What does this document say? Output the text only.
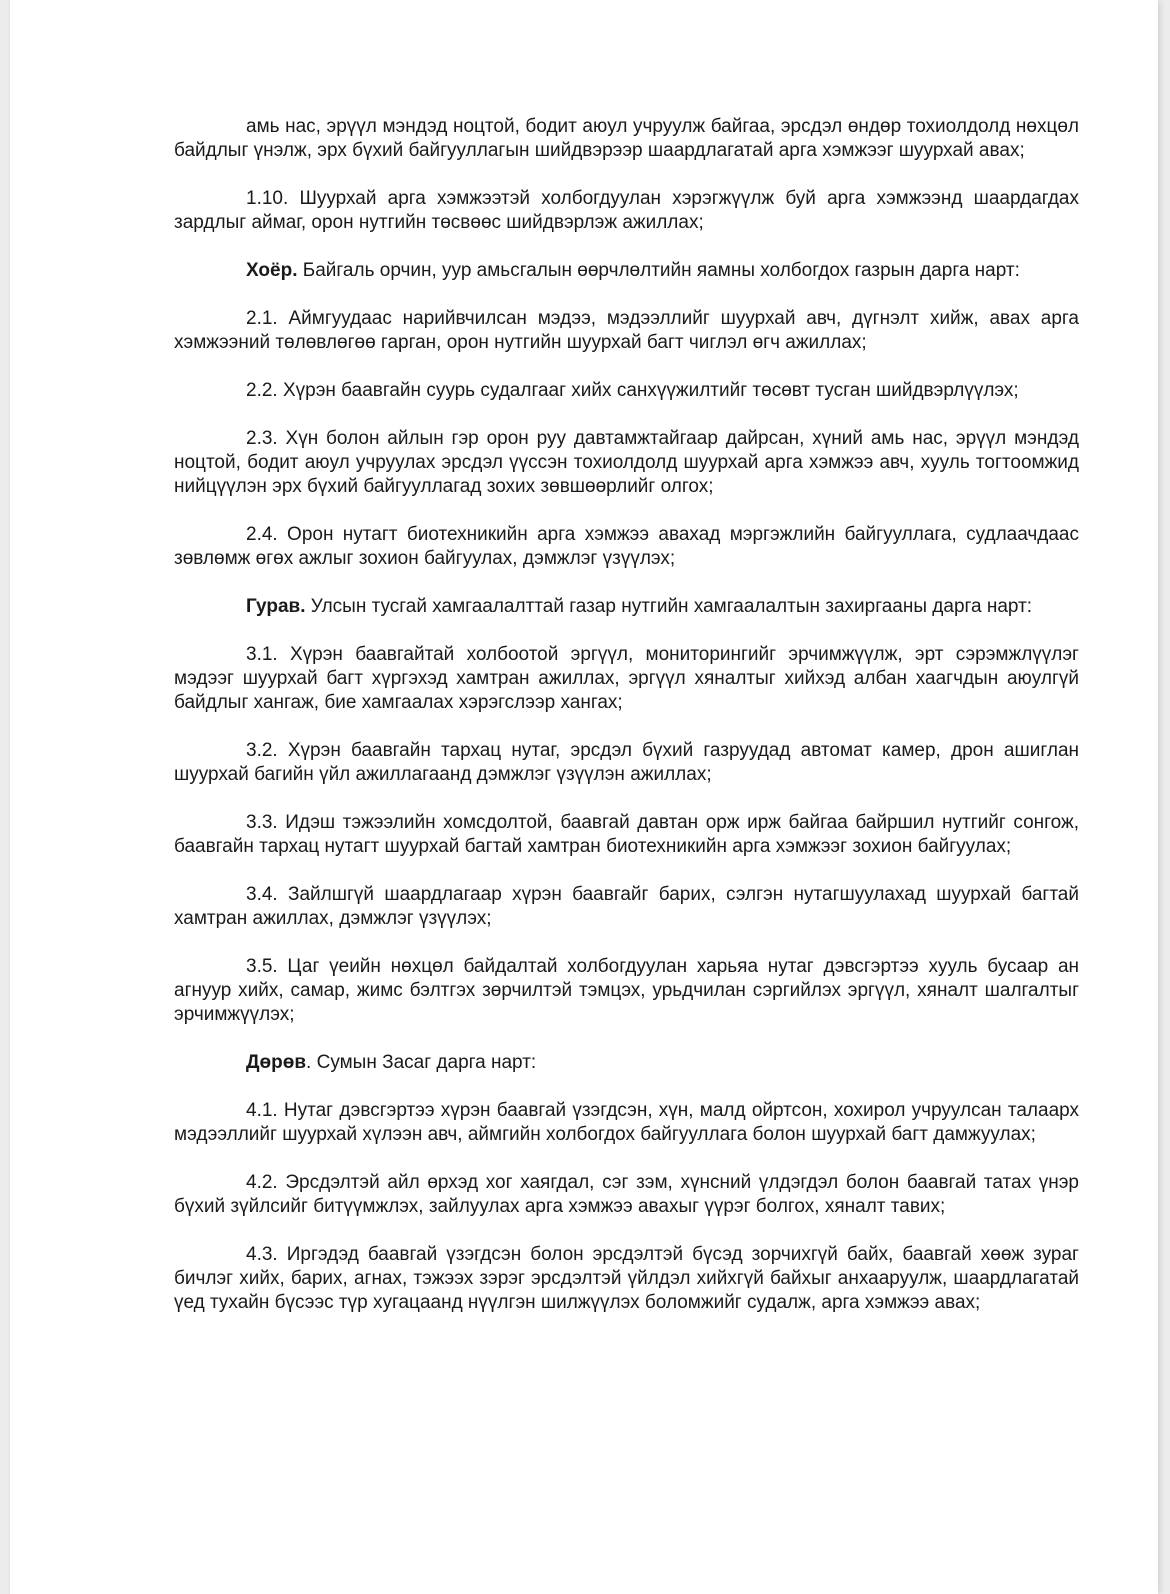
амь нас, эрүүл мэндэд ноцтой, бодит аюул учруулж байгаа, эрсдэл өндөр тохиолдолд нөхцөл байдлыг үнэлж, эрх бүхий байгууллагын шийдвэрээр шаардлагатай арга хэмжээг шуурхай авах;

1.10. Шуурхай арга хэмжээтэй холбогдуулан хэрэгжүүлж буй арга хэмжээнд шаардагдах зардлыг аймаг, орон нутгийн төсвөөс шийдвэрлэж ажиллах;

Хоёр. Байгаль орчин, уур амьсгалын өөрчлөлтийн яамны холбогдох газрын дарга нарт:

2.1. Аймгуудаас нарийвчилсан мэдээ, мэдээллийг шуурхай авч, дүгнэлт хийж, авах арга хэмжээний төлөвлөгөө гарган, орон нутгийн шуурхай багт чиглэл өгч ажиллах;

2.2. Хүрэн баавгайн суурь судалгааг хийх санхүүжилтийг төсөвт тусган шийдвэрлүүлэх;

2.3. Хүн болон айлын гэр орон руу давтамжтайгаар дайрсан, хүний амь нас, эрүүл мэндэд ноцтой, бодит аюул учруулах эрсдэл үүссэн тохиолдолд шуурхай арга хэмжээ авч, хууль тогтоомжид нийцүүлэн эрх бүхий байгууллагад зохих зөвшөөрлийг олгох;

2.4. Орон нутагт биотехникийн арга хэмжээ авахад мэргэжлийн байгууллага, судлаачдаас зөвлөмж өгөх ажлыг зохион байгуулах, дэмжлэг үзүүлэх;

Гурав. Улсын тусгай хамгаалалттай газар нутгийн хамгаалалтын захиргааны дарга нарт:

3.1. Хүрэн баавгайтай холбоотой эргүүл, мониторингийг эрчимжүүлж, эрт сэрэмжлүүлэг мэдээг шуурхай багт хүргэхэд хамтран ажиллах, эргүүл хяналтыг хийхэд албан хаагчдын аюулгүй байдлыг хангаж, бие хамгаалах хэрэгслээр хангах;

3.2. Хүрэн баавгайн тархац нутаг, эрсдэл бүхий газруудад автомат камер, дрон ашиглан шуурхай багийн үйл ажиллагаанд дэмжлэг үзүүлэн ажиллах;

3.3. Идэш тэжээлийн хомсдолтой, баавгай давтан орж ирж байгаа байршил нутгийг сонгож, баавгайн тархац нутагт шуурхай багтай хамтран биотехникийн арга хэмжээг зохион байгуулах;

3.4. Зайлшгүй шаардлагаар хүрэн баавгайг барих, сэлгэн нутагшуулахад шуурхай багтай хамтран ажиллах, дэмжлэг үзүүлэх;

3.5. Цаг үеийн нөхцөл байдалтай холбогдуулан харьяа нутаг дэвсгэртээ хууль бусаар ан агнуур хийх, самар, жимс бэлтгэх зөрчилтэй тэмцэх, урьдчилан сэргийлэх эргүүл, хяналт шалгалтыг эрчимжүүлэх;

Дөрөв. Сумын Засаг дарга нарт:

4.1. Нутаг дэвсгэртээ хүрэн баавгай үзэгдсэн, хүн, малд ойртсон, хохирол учруулсан талаарх мэдээллийг шуурхай хүлээн авч, аймгийн холбогдох байгууллага болон шуурхай багт дамжуулах;

4.2. Эрсдэлтэй айл өрхэд хог хаягдал, сэг зэм, хүнсний үлдэгдэл болон баавгай татах үнэр бүхий зүйлсийг битүүмжлэх, зайлуулах арга хэмжээ авахыг үүрэг болгох, хяналт тавих;

4.3. Иргэдэд баавгай үзэгдсэн болон эрсдэлтэй бүсэд зорчихгүй байх, баавгай хөөж зураг бичлэг хийх, барих, агнах, тэжээх зэрэг эрсдэлтэй үйлдэл хийхгүй байхыг анхааруулж, шаардлагатай үед тухайн бүсээс түр хугацаанд нүүлгэн шилжүүлэх боломжийг судалж, арга хэмжээ авах;
